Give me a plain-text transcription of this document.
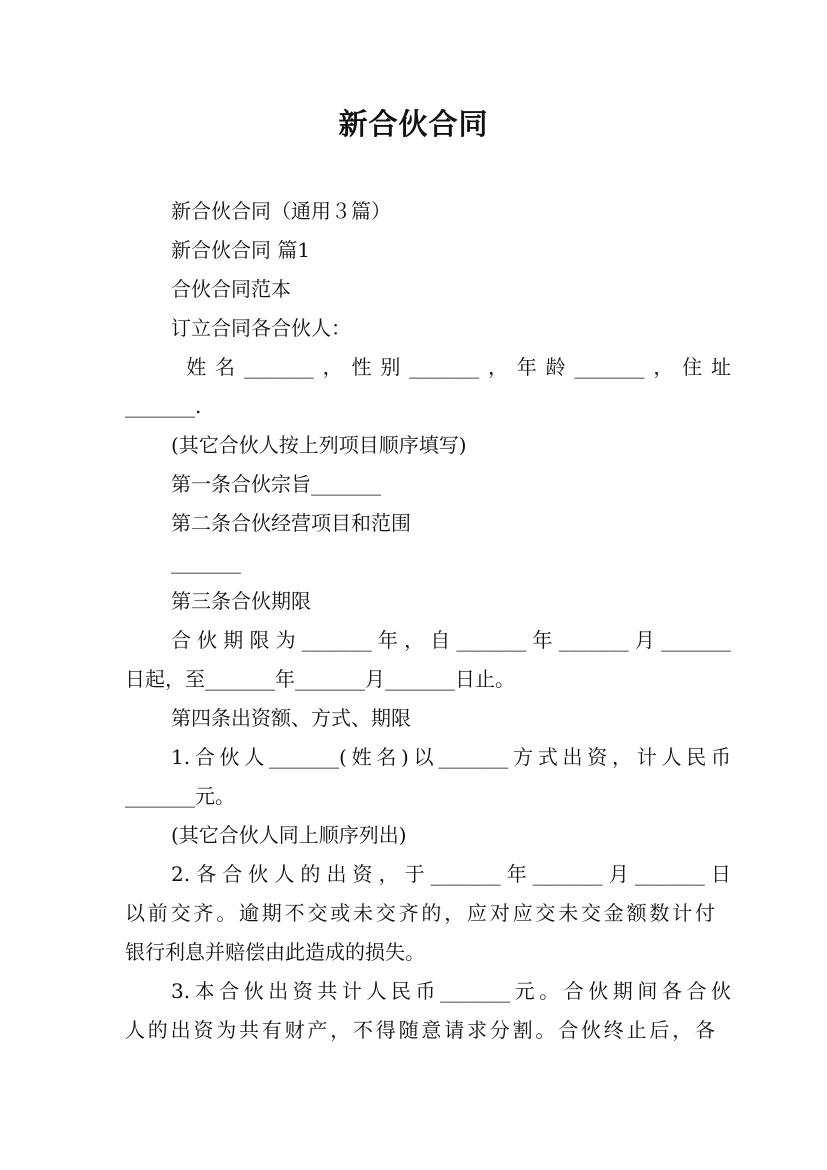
新合伙合同
新合伙合同（通用３篇）
新合伙合同 篇1
合伙合同范本
订立合同各合伙人：
姓名_______，性别_______，年龄_______，住址
_______.
(其它合伙人按上列项目顺序填写)
第一条合伙宗旨_______
第二条合伙经营项目和范围
_______
第三条合伙期限
合伙期限为_______年，自_______年_______月_______
日起，至_______年_______月_______日止。
第四条出资额、方式、期限
1.合伙人_______(姓名)以_______方式出资，计人民币
_______元。
(其它合伙人同上顺序列出)
2.各合伙人的出资，于_______年_______月_______日
以前交齐。逾期不交或未交齐的，应对应交未交金额数计付
银行利息并赔偿由此造成的损失。
3.本合伙出资共计人民币_______元。合伙期间各合伙
人的出资为共有财产，不得随意请求分割。合伙终止后，各
